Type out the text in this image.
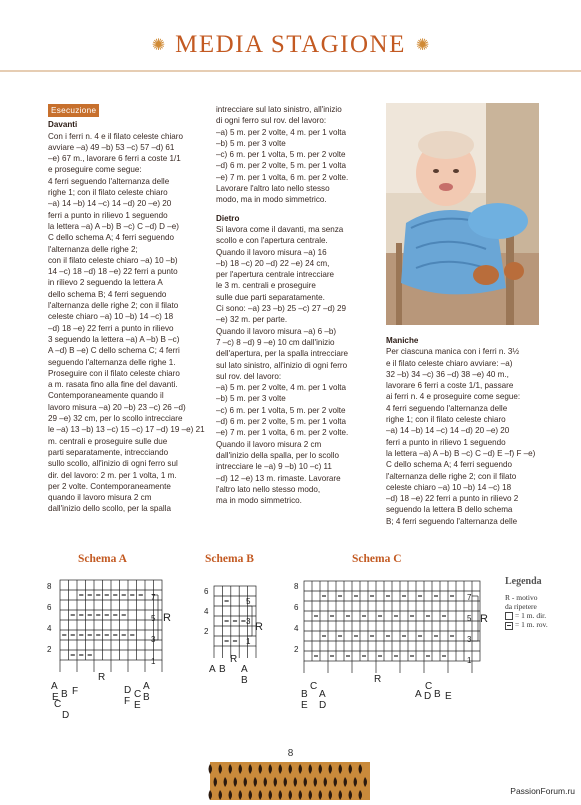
✺ MEDIA STAGIONE ✺
Esecuzione

Davanti

Con i ferri n. 4 e il filato celeste chiaro

avviare –a) 49 –b) 53 –c) 57 –d) 61

–e) 67 m., lavorare 6 ferri a coste 1/1

e proseguire come segue:

4 ferri seguendo l'alternanza delle

righe 1; con il filato celeste chiaro

–a) 14 –b) 14 –c) 14 –d) 20 –e) 20

ferri a punto in rilievo 1 seguendo

la lettera –a) A –b) B –c) C –d) D –e)

C dello schema A; 4 ferri seguendo

l'alternanza delle righe 2;

con il filato celeste chiaro –a) 10 –b)

14 –c) 18 –d) 18 –e) 22 ferri a punto

in rilievo 2 seguendo la lettera A

dello schema B; 4 ferri seguendo

l'alternanza delle righe 2; con il filato

celeste chiaro –a) 10 –b) 14 –c) 18

–d) 18 –e) 22 ferri a punto in rilievo

3 seguendo la lettera –a) A –b) B –c)

A –d) B –e) C dello schema C; 4 ferri

seguendo l'alternanza delle righe 1.

Proseguire con il filato celeste chiaro

a m. rasata fino alla fine del davanti.

Contemporaneamente quando il

lavoro misura –a) 20 –b) 23 –c) 26 –d)

29 –e) 32 cm, per lo scollo intrecciare

le –a) 13 –b) 13 –c) 15 –c) 17 –d) 19 –e) 21

m. centrali e proseguire sulle due

parti separatamente, intrecciando

sullo scollo, all'inizio di ogni ferro sul

dir. del lavoro: 2 m. per 1 volta, 1 m.

per 2 volte. Contemporaneamente

quando il lavoro misura 2 cm

dall'inizio dello scollo, per la spalla

intrecciare sul lato sinistro, all'inizio

di ogni ferro sul rov. del lavoro:

–a) 5 m. per 2 volte, 4 m. per 1 volta

–b) 5 m. per 3 volte

–c) 6 m. per 1 volta, 5 m. per 2 volte

–d) 6 m. per 2 volte, 5 m. per 1 volta

–e) 7 m. per 1 volta, 6 m. per 2 volte.

Lavorare l'altro lato nello stesso

modo, ma in modo simmetrico.

Dietro

Si lavora come il davanti, ma senza

scollo e con l'apertura centrale.

Quando il lavoro misura –a) 16

–b) 18 –c) 20 –d) 22 –e) 24 cm,

per l'apertura centrale intrecciare

le 3 m. centrali e proseguire

sulle due parti separatamente.

Ci sono: –a) 23 –b) 25 –c) 27 –d) 29

–e) 32 m. per parte.

Quando il lavoro misura –a) 6 –b)

7 –c) 8 –d) 9 –e) 10 cm dall'inizio

dell'apertura, per la spalla intrecciare

sul lato sinistro, all'inizio di ogni ferro

sul rov. del lavoro:

–a) 5 m. per 2 volte, 4 m. per 1 volta

–b) 5 m. per 3 volte

–c) 6 m. per 1 volta, 5 m. per 2 volte

–d) 6 m. per 2 volte, 5 m. per 1 volta

–e) 7 m. per 1 volta, 6 m. per 2 volte.

Quando il lavoro misura 2 cm

dall'inizio della spalla, per lo scollo

intrecciare le –a) 9 –b) 10 –c) 11

–d) 12 –e) 13 m. rimaste. Lavorare

l'altro lato nello stesso modo,

ma in modo simmetrico.

Maniche

Per ciascuna manica con i ferri n. 3½

e il filato celeste chiaro avviare: –a)

32 –b) 34 –c) 36 –d) 38 –e) 40 m.,

lavorare 6 ferri a coste 1/1, passare

ai ferri n. 4 e proseguire come segue:

4 ferri seguendo l'alternanza delle

righe 1; con il filato celeste chiaro

–a) 14 –b) 14 –c) 14 –d) 20 –e) 20

ferri a punto in rilievo 1 seguendo

la lettera –a) A –b) B –c) C –d) E –f) F –e)

C dello schema A; 4 ferri seguendo

l'alternanza delle righe 2; con il filato

celeste chiaro –a) 10 –b) 14 –c) 18

–d) 18 –e) 22 ferri a punto in rilievo 2

seguendo la lettera B dello schema

B; 4 ferri seguendo l'alternanza delle

Schema A
8
6
4
2
7
5
3
1
R
R
A
E B
C
D
F	D
F
C
E
A
B
Schema B
6
4
2
5
3
1
R
R
A B A
B
Schema C
8
6
4
2
7
5
3
1
R
R
B
E
C
A
D
A D
C
B E
Legenda
R - motivo
da ripetere
= 1 m. dir.
= 1 m. rov.
8
PassionForum.ru
